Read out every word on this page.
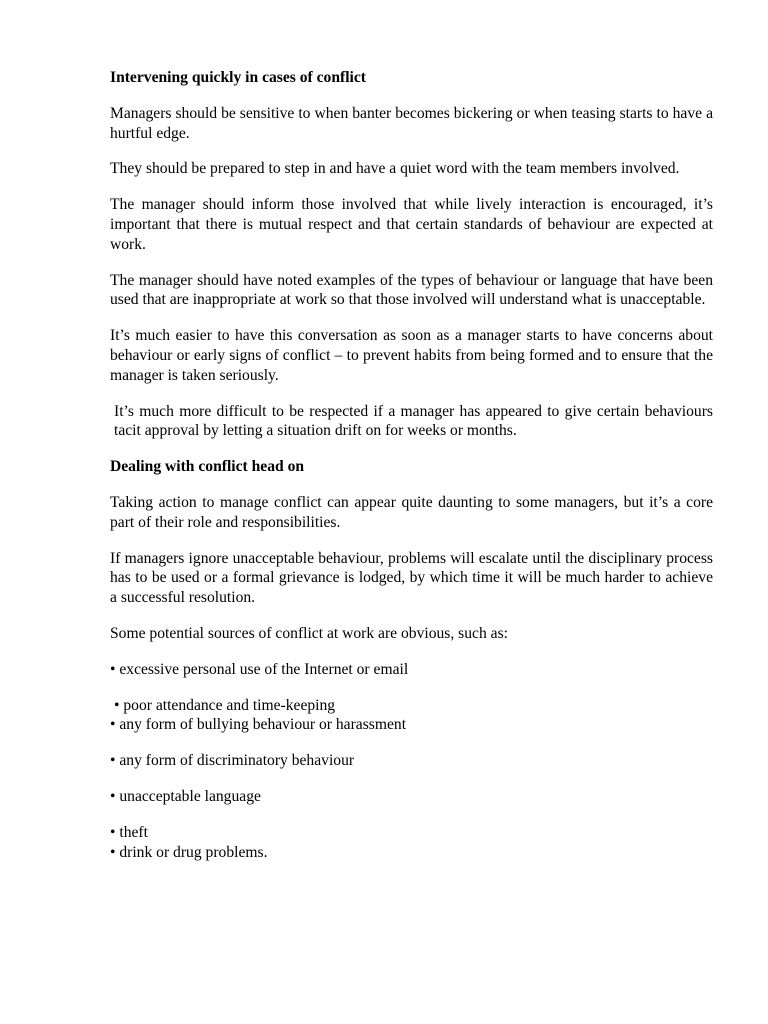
Intervening quickly in cases of conflict

Managers should be sensitive to when banter becomes bickering or when teasing starts to have a hurtful edge.

They should be prepared to step in and have a quiet word with the team members involved.

The manager should inform those involved that while lively interaction is encouraged, it’s important that there is mutual respect and that certain standards of behaviour are expected at work.

The manager should have noted examples of the types of behaviour or language that have been used that are inappropriate at work so that those involved will understand what is unacceptable.

It’s much easier to have this conversation as soon as a manager starts to have concerns about behaviour or early signs of conflict – to prevent habits from being formed and to ensure that the manager is taken seriously.

It’s much more difficult to be respected if a manager has appeared to give certain behaviours tacit approval by letting a situation drift on for weeks or months.

Dealing with conflict head on

Taking action to manage conflict can appear quite daunting to some managers, but it’s a core part of their role and responsibilities.

If managers ignore unacceptable behaviour, problems will escalate until the disciplinary process has to be used or a formal grievance is lodged, by which time it will be much harder to achieve a successful resolution.

Some potential sources of conflict at work are obvious, such as:

• excessive personal use of the Internet or email
• poor attendance and time-keeping
• any form of bullying behaviour or harassment
• any form of discriminatory behaviour
• unacceptable language
• theft
• drink or drug problems.
